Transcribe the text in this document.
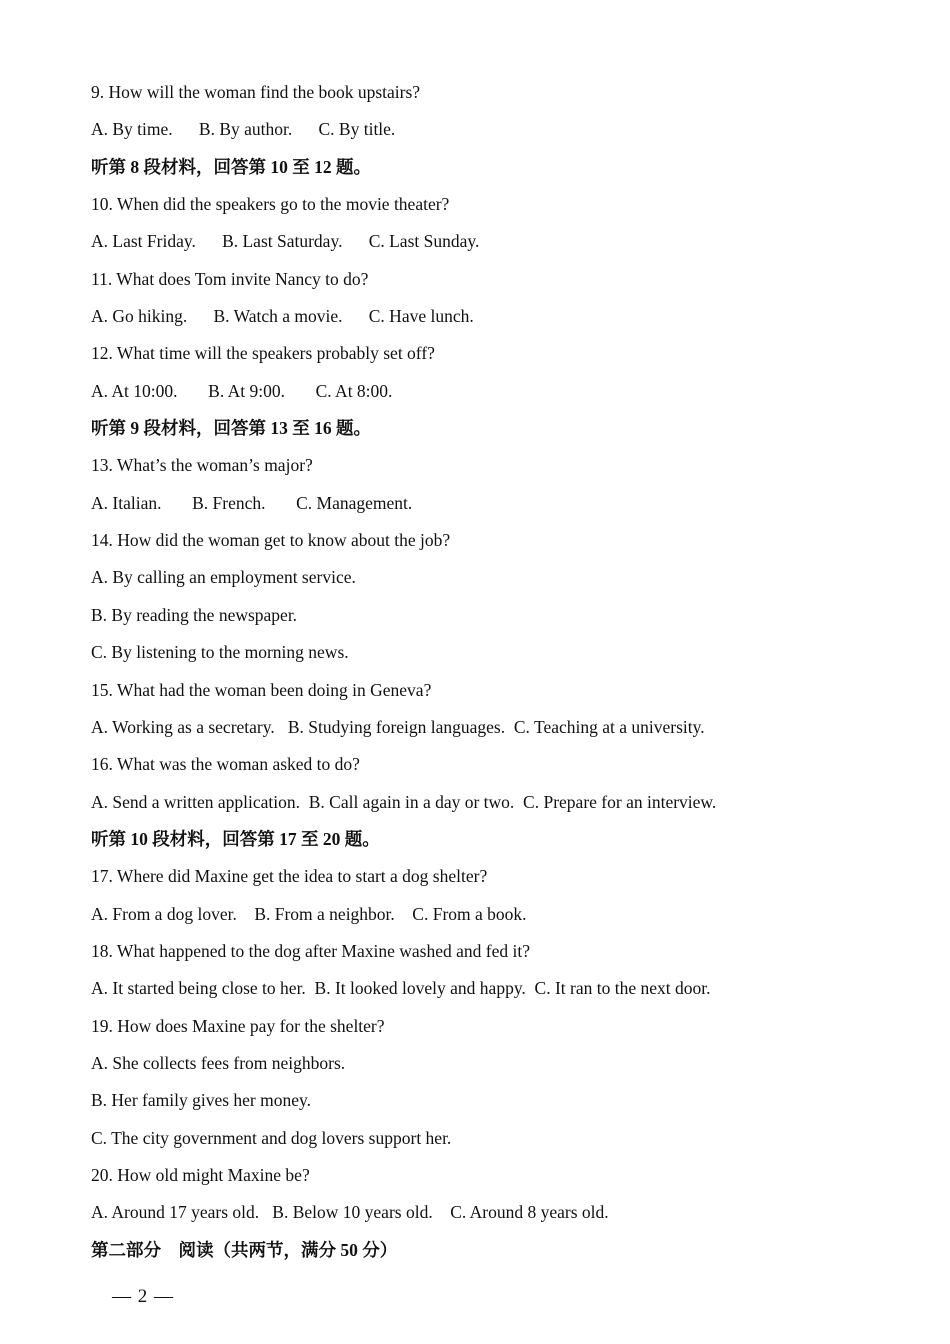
9. How will the woman find the book upstairs?
A. By time.      B. By author.      C. By title.
听第 8 段材料，回答第 10 至 12 题。
10. When did the speakers go to the movie theater?
A. Last Friday.      B. Last Saturday.      C. Last Sunday.
11. What does Tom invite Nancy to do?
A. Go hiking.      B. Watch a movie.      C. Have lunch.
12. What time will the speakers probably set off?
A. At 10:00.       B. At 9:00.       C. At 8:00.
听第 9 段材料，回答第 13 至 16 题。
13. What’s the woman’s major?
A. Italian.       B. French.       C. Management.
14. How did the woman get to know about the job?
A. By calling an employment service.
B. By reading the newspaper.
C. By listening to the morning news.
15. What had the woman been doing in Geneva?
A. Working as a secretary.   B. Studying foreign languages.  C. Teaching at a university.
16. What was the woman asked to do?
A. Send a written application.  B. Call again in a day or two.  C. Prepare for an interview.
听第 10 段材料，回答第 17 至 20 题。
17. Where did Maxine get the idea to start a dog shelter?
A. From a dog lover.    B. From a neighbor.    C. From a book.
18. What happened to the dog after Maxine washed and fed it?
A. It started being close to her.  B. It looked lovely and happy.  C. It ran to the next door.
19. How does Maxine pay for the shelter?
A. She collects fees from neighbors.
B. Her family gives her money.
C. The city government and dog lovers support her.
20. How old might Maxine be?
A. Around 17 years old.   B. Below 10 years old.    C. Around 8 years old.
第二部分    阅读（共两节，满分 50 分）
— 2 —
